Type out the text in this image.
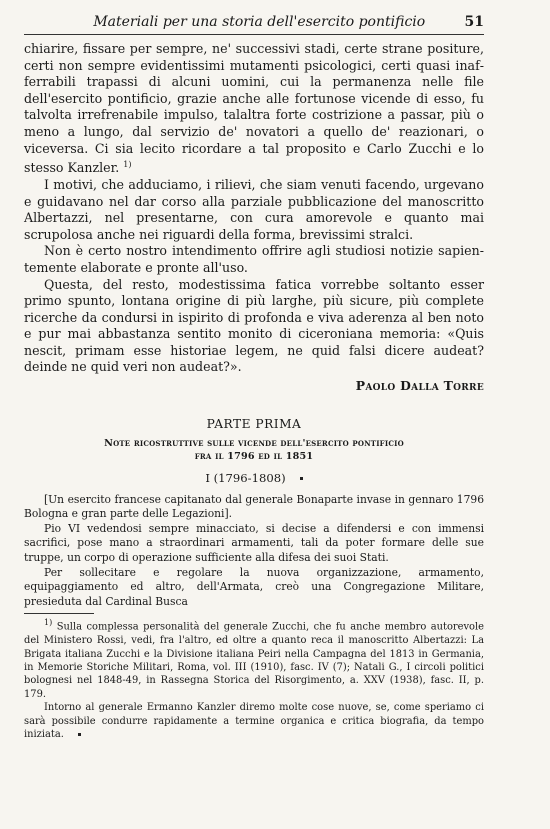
Materiali per una storia dell'esercito pontificio	51

chiarire, fissare per sempre, ne' successivi stadi, certe strane positure, certi non sempre evidentissimi mutamenti psicologici, certi quasi inafferrabili trapassi di alcuni uomini, cui la permanenza nelle file dell'esercito pontificio, grazie anche alle fortunose vicende di esso, fu talvolta irrefrenabile impulso, talaltra forte costrizione a passar, più o meno a lungo, dal servizio de' novatori a quello de' reazionari, o viceversa. Ci sia lecito ricordare a tal proposito e Carlo Zucchi e lo stesso Kanzler. $^{1)}$

I motivi, che adduciamo, i rilievi, che siam venuti facendo, urgevano e guidavano nel dar corso alla parziale pubblicazione del manoscritto Albertazzi, nel presentarne, con cura amorevole e quanto mai scrupolosa anche nei riguardi della forma, brevissimi stralci.

Non è certo nostro intendimento offrire agli studiosi notizie sapientemente elaborate e pronte all'uso.

Questa, del resto, modestissima fatica vorrebbe soltanto esser primo spunto, lontana origine di più larghe, più sicure, più complete ricerche da condursi in ispirito di profonda e viva aderenza al ben noto e pur mai abbastanza sentito monito di ciceroniana memoria: «Quis nescit, primam esse historiae legem, ne quid falsi dicere audeat? deinde ne quid veri non audeat?».

Paolo Dalla Torre
PARTE PRIMA
Note ricostruttive sulle vicende dell'esercito pontificio
fra il 1796 ed il 1851
I (1796-1808)

[Un esercito francese capitanato dal generale Bonaparte invase in gennaro 1796 Bologna e gran parte delle Legazioni].

Pio VI vedendosi sempre minacciato, si decise a difendersi e con immensi sacrifici, pose mano a straordinari armamenti, tali da poter formare delle sue truppe, un corpo di operazione sufficiente alla difesa dei suoi Stati.

Per sollecitare e regolare la nuova organizzazione, armamento, equipaggiamento ed altro, dell'Armata, creò una Congregazione Militare, presieduta dal Cardinal Busca

$^{1)}$ Sulla complessa personalità del generale Zucchi, che fu anche membro autorevole del Ministero Rossi, vedi, fra l'altro, ed oltre a quanto reca il manoscritto Albertazzi: La Brigata italiana Zucchi e la Divisione italiana Peiri nella Campagna del 1813 in Germania, in Memorie Storiche Militari, Roma, vol. III (1910), fasc. IV (7); Natali G., I circoli politici bolognesi nel 1848-49, in Rassegna Storica del Risorgimento, a. XXV (1938), fasc. II, p. 179.

Intorno al generale Ermanno Kanzler diremo molte cose nuove, se, come speriamo ci sarà possibile condurre rapidamente a termine organica e critica biografia, da tempo iniziata.
